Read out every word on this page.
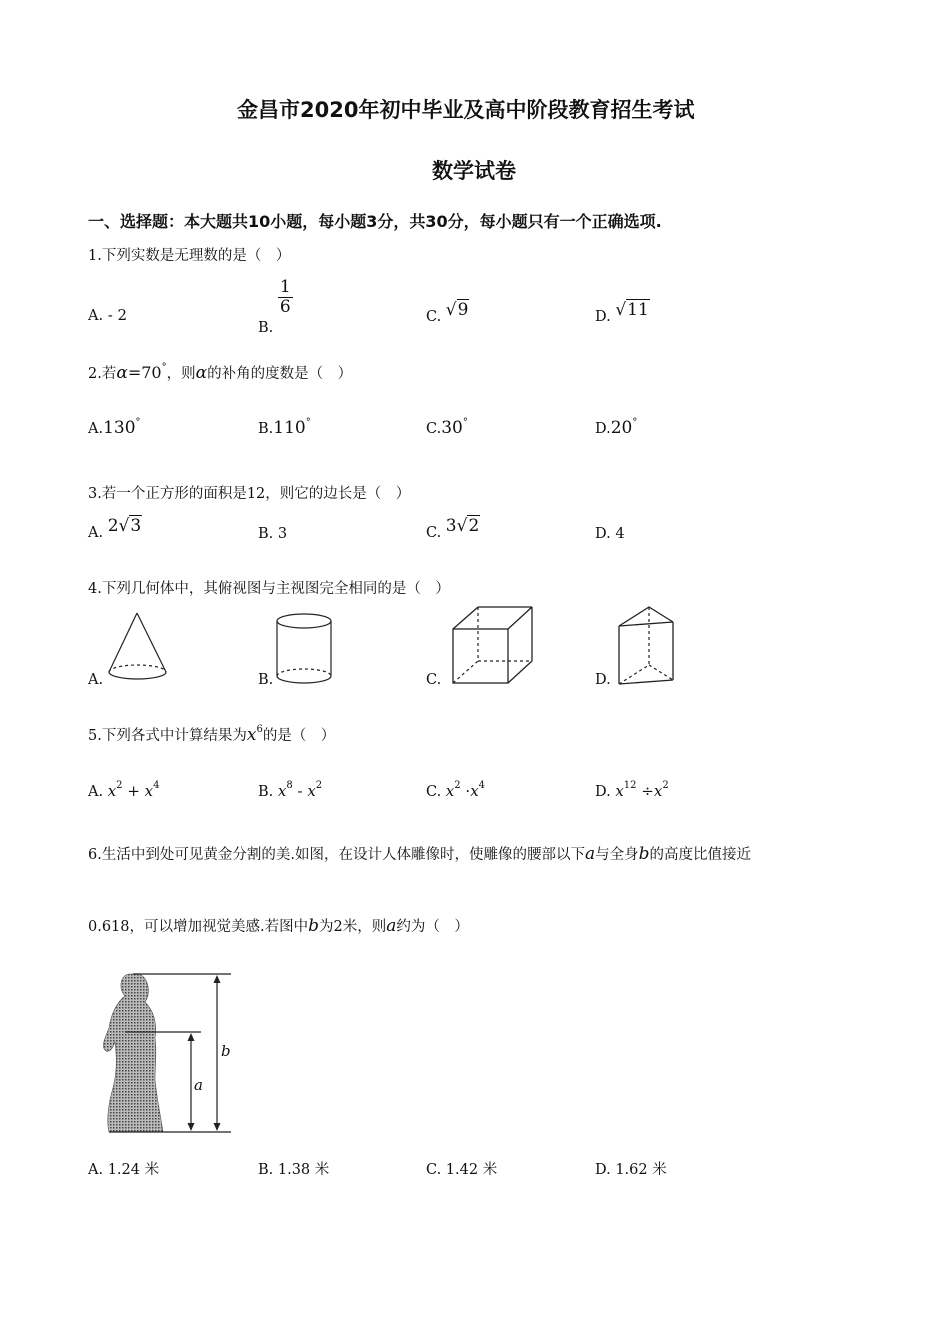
金昌市2020年初中毕业及高中阶段教育招生考试
数学试卷
一、选择题：本大题共10小题，每小题3分，共30分，每小题只有一个正确选项.
1.下列实数是无理数的是（　）
A. - 2
B.
$\frac{1}{6}$	C. √9	D. √11
2.若α=70°，则α的补角的度数是（　）
A.130°	B.110°	C.30°	D.20°
3.若一个正方形的面积是12，则它的边长是（　）
A. 2√3	B. 3	C. 3√2	D. 4
4.下列几何体中，其俯视图与主视图完全相同的是（　）
A.	B.	C.	D.
5.下列各式中计算结果为$x^6$的是（　）
A. $x^2 + x^4$	B. $x^8 - x^2$	C. $x^2 \cdot x^4$	D. $x^{12} \div x^2$
6.生活中到处可见黄金分割的美.如图，在设计人体雕像时，使雕像的腰部以下a与全身b的高度比值接近
0.618，可以增加视觉美感.若图中b为2米，则a约为（　）
b
a
A. 1.24 米	B. 1.38 米	C. 1.42 米	D. 1.62 米
